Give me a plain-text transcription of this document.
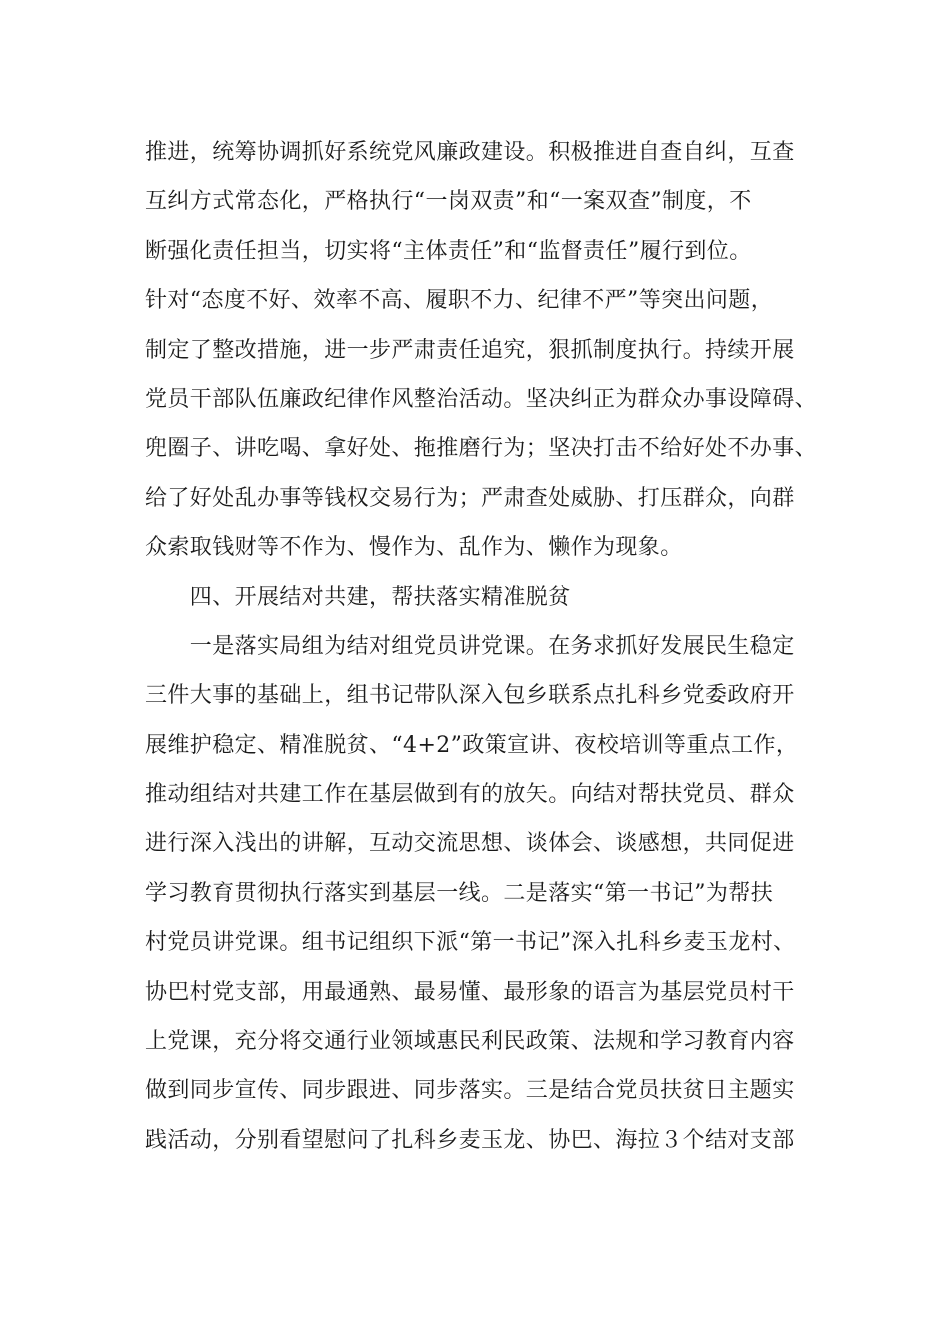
推进，统筹协调抓好系统党风廉政建设。积极推进自查自纠，互查
互纠方式常态化，严格执行“一岗双责”和“一案双查”制度，不
断强化责任担当，切实将“主体责任”和“监督责任”履行到位。
针对“态度不好、效率不高、履职不力、纪律不严”等突出问题，
制定了整改措施，进一步严肃责任追究，狠抓制度执行。持续开展
党员干部队伍廉政纪律作风整治活动。坚决纠正为群众办事设障碍、
兜圈子、讲吃喝、拿好处、拖推磨行为；坚决打击不给好处不办事、
给了好处乱办事等钱权交易行为；严肃查处威胁、打压群众，向群
众索取钱财等不作为、慢作为、乱作为、懒作为现象。
　　四、开展结对共建，帮扶落实精准脱贫
　　一是落实局组为结对组党员讲党课。在务求抓好发展民生稳定
三件大事的基础上，组书记带队深入包乡联系点扎科乡党委政府开
展维护稳定、精准脱贫、“4+2”政策宣讲、夜校培训等重点工作，
推动组结对共建工作在基层做到有的放矢。向结对帮扶党员、群众
进行深入浅出的讲解，互动交流思想、谈体会、谈感想，共同促进
学习教育贯彻执行落实到基层一线。二是落实“第一书记”为帮扶
村党员讲党课。组书记组织下派“第一书记”深入扎科乡麦玉龙村、
协巴村党支部，用最通熟、最易懂、最形象的语言为基层党员村干
上党课，充分将交通行业领域惠民利民政策、法规和学习教育内容
做到同步宣传、同步跟进、同步落实。三是结合党员扶贫日主题实
践活动，分别看望慰问了扎科乡麦玉龙、协巴、海拉３个结对支部
